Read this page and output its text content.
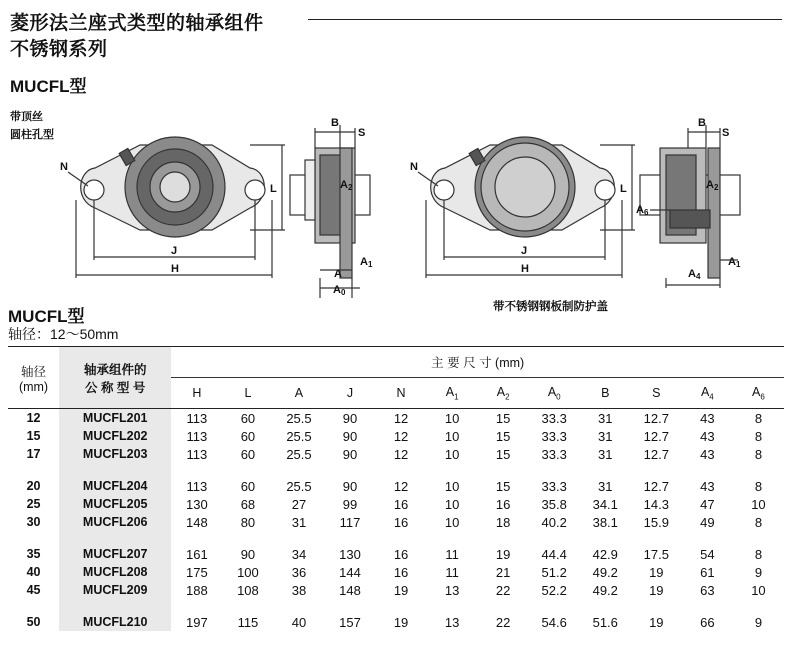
菱形法兰座式类型的轴承组件
不锈钢系列
MUCFL型
带顶丝
圆柱孔型
带不锈钢钢板制防护盖
N
J
H
L
B
S
A2
A1
A
A0
N
J
H
L
B
S
A2
A6
A1
A4
MUCFL型
轴径：12～50mm
轴径
(mm)	轴承组件的
公 称 型 号	主 要 尺 寸 (mm)											
		H	L	A	J	N	$A_1$	$A_2$	$A_0$	B	S	$A_4$	$A_6$
12	MUCFL201	113	60	25.5	90	12	10	15	33.3	31	12.7	43	8
15	MUCFL202	113	60	25.5	90	12	10	15	33.3	31	12.7	43	8
17	MUCFL203	113	60	25.5	90	12	10	15	33.3	31	12.7	43	8

20	MUCFL204	113	60	25.5	90	12	10	15	33.3	31	12.7	43	8
25	MUCFL205	130	68	27	99	16	10	16	35.8	34.1	14.3	47	10
30	MUCFL206	148	80	31	117	16	10	18	40.2	38.1	15.9	49	8

35	MUCFL207	161	90	34	130	16	11	19	44.4	42.9	17.5	54	8
40	MUCFL208	175	100	36	144	16	11	21	51.2	49.2	19	61	9
45	MUCFL209	188	108	38	148	19	13	22	52.2	49.2	19	63	10

50	MUCFL210	197	115	40	157	19	13	22	54.6	51.6	19	66	9
